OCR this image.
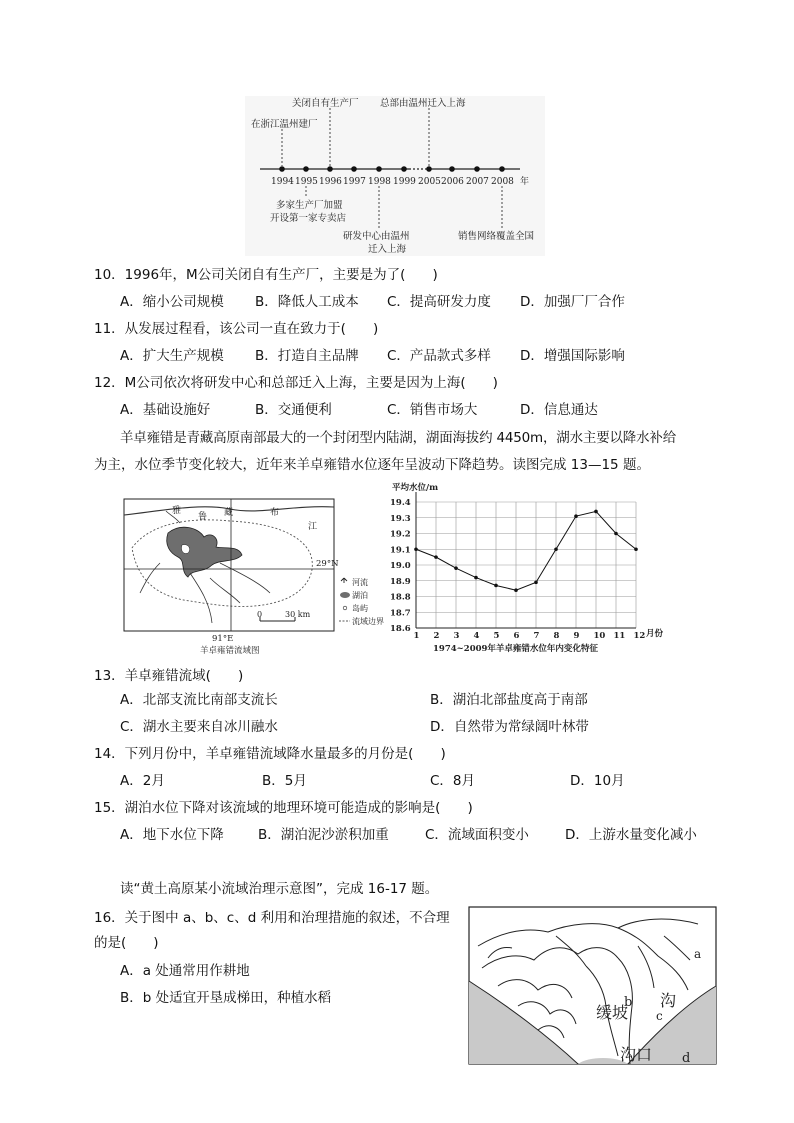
1994 1995 1996 1997 1998 1999 2005 2006 2007 2008 年
关闭自有生产厂 总部由温州迁入上海
在浙江温州建厂
多家生产厂加盟
开设第一家专卖店
研发中心由温州
迁入上海
销售网络覆盖全国
10．1996年，M公司关闭自有生产厂，主要是为了(　　)
A．缩小公司规模 B．降低人工成本 C．提高研发力度 D．加强厂厂合作
11．从发展过程看，该公司一直在致力于(　　)
A．扩大生产规模 B．打造自主品牌 C．产品款式多样 D．增强国际影响
12．M公司依次将研发中心和总部迁入上海，主要是因为上海(　　)
A．基础设施好	B．交通便利	C．销售市场大	D．信息通达
羊卓雍错是青藏高原南部最大的一个封闭型内陆湖，湖面海拔约 4450m，湖水主要以降水补给
为主，水位季节变化较大，近年来羊卓雍错水位逐年呈波动下降趋势。读图完成 13—15 题。
雅
鲁 藏	布
江
29°N
91°E
0	30 km
羊卓雍错流域图
河流
湖泊
岛屿
流域边界
平均水位/m
月份
1974~2009年羊卓雍错水位年内变化特征
18.6
18.7
18.8
18.9
19.0
19.1
19.2
19.3
19.4
1 2 3 4 5 6 7 8 9 10 11 12
13．羊卓雍错流域(　　)
A．北部支流比南部支流长	B．湖泊北部盐度高于南部
C．湖水主要来自冰川融水	D．自然带为常绿阔叶林带
14．下列月份中，羊卓雍错流域降水量最多的月份是(　　)
A．2月	B．5月	C．8月	D．10月
15．湖泊水位下降对该流域的地理环境可能造成的影响是(　　)
A．地下水位下降	B．湖泊泥沙淤积加重	C．流域面积变小	D．上游水量变化减小
读“黄土高原某小流域治理示意图”，完成 16-17 题。
16．关于图中 a、b、c、d 利用和治理措施的叙述，不合理
的是(　　)
A．a 处通常用作耕地
B．b 处适宜开垦成梯田，种植水稻
a
b
c
d
缓坡
沟
沟口
